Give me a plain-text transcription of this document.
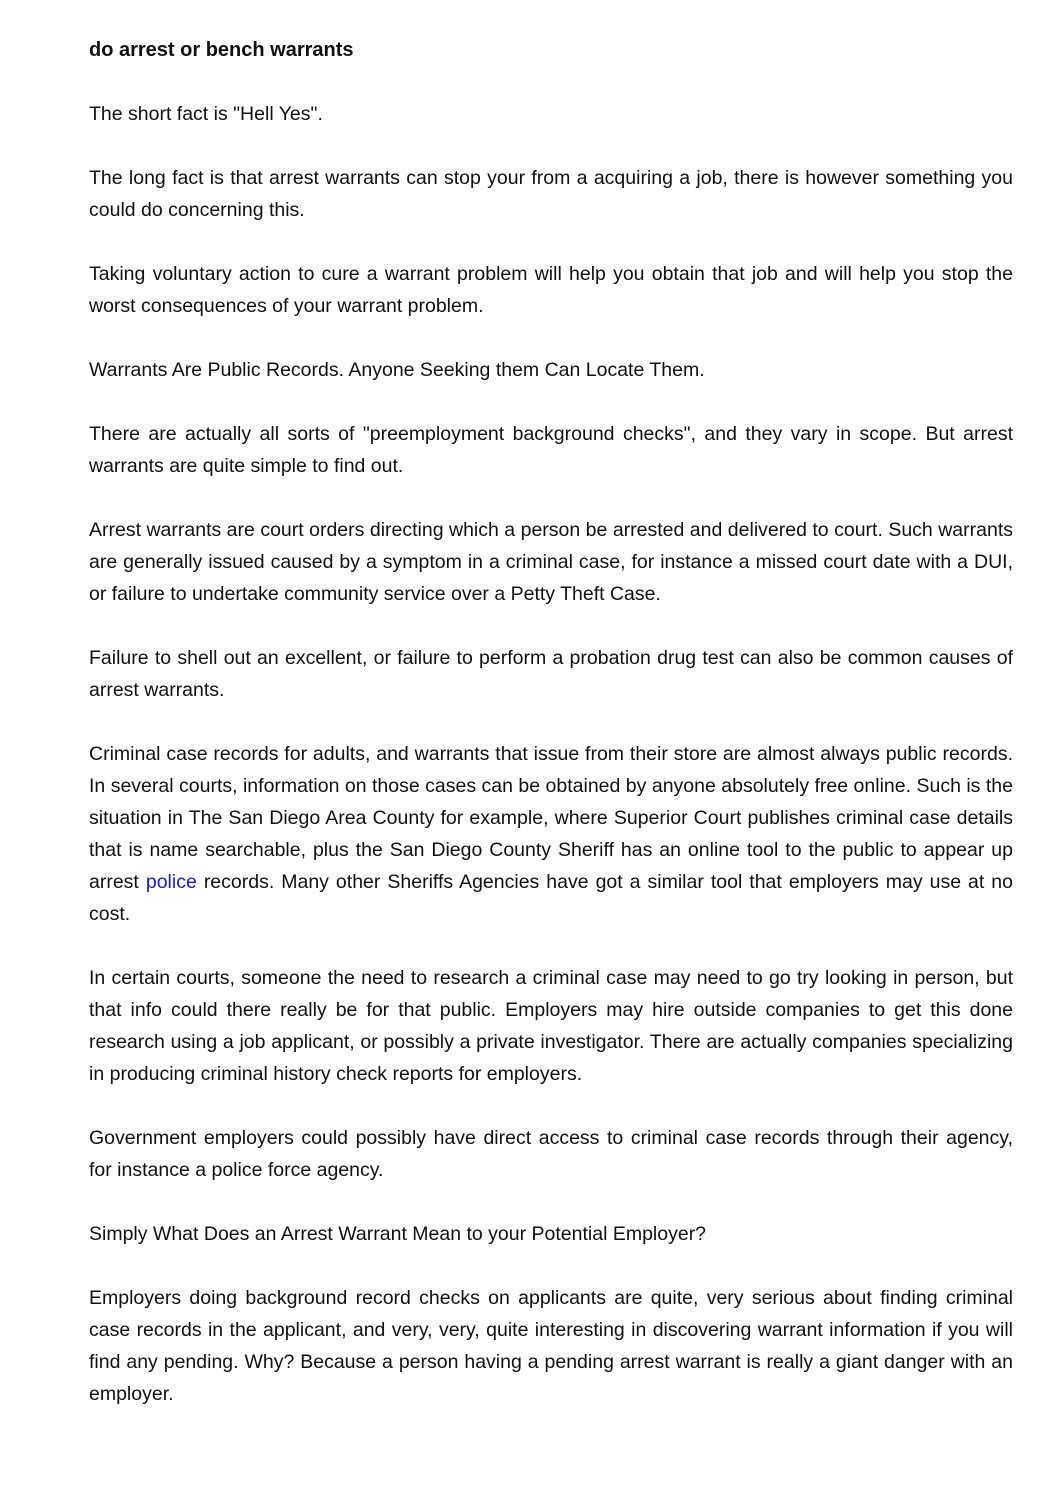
do arrest or bench warrants

The short fact is "Hell Yes".

The long fact is that arrest warrants can stop your from a acquiring a job, there is however something you could do concerning this.

Taking voluntary action to cure a warrant problem will help you obtain that job and will help you stop the worst consequences of your warrant problem.

Warrants Are Public Records. Anyone Seeking them Can Locate Them.

There are actually all sorts of "preemployment background checks", and they vary in scope. But arrest warrants are quite simple to find out.

Arrest warrants are court orders directing which a person be arrested and delivered to court. Such warrants are generally issued caused by a symptom in a criminal case, for instance a missed court date with a DUI, or failure to undertake community service over a Petty Theft Case.

Failure to shell out an excellent, or failure to perform a probation drug test can also be common causes of arrest warrants.

Criminal case records for adults, and warrants that issue from their store are almost always public records. In several courts, information on those cases can be obtained by anyone absolutely free online. Such is the situation in The San Diego Area County for example, where Superior Court publishes criminal case details that is name searchable, plus the San Diego County Sheriff has an online tool to the public to appear up arrest police records. Many other Sheriffs Agencies have got a similar tool that employers may use at no cost.

In certain courts, someone the need to research a criminal case may need to go try looking in person, but that info could there really be for that public. Employers may hire outside companies to get this done research using a job applicant, or possibly a private investigator. There are actually companies specializing in producing criminal history check reports for employers.

Government employers could possibly have direct access to criminal case records through their agency, for instance a police force agency.

Simply What Does an Arrest Warrant Mean to your Potential Employer?

Employers doing background record checks on applicants are quite, very serious about finding criminal case records in the applicant, and very, very, quite interesting in discovering warrant information if you will find any pending. Why? Because a person having a pending arrest warrant is really a giant danger with an employer.
